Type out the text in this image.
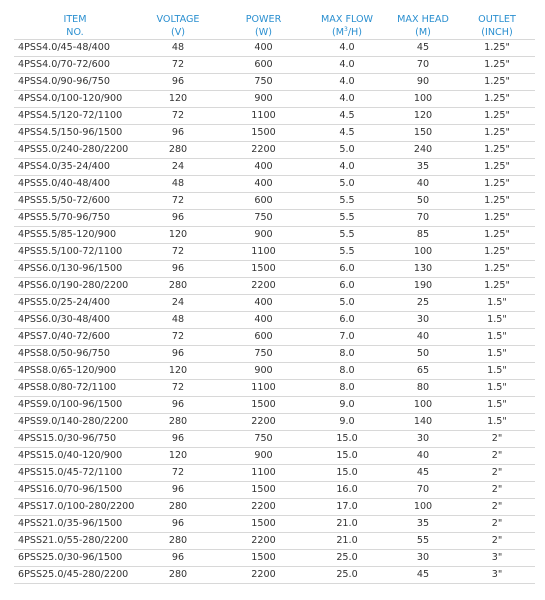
ITEM	VOLTAGE	POWER	MAX FLOW	MAX HEAD	OUTLET
NO.	(V)	(W)	$(M^3/H)$	(M)	(INCH)
4PSS4.0/45-48/400	48	400	4.0	45	1.25"
4PSS4.0/70-72/600	72	600	4.0	70	1.25"
4PSS4.0/90-96/750	96	750	4.0	90	1.25"
4PSS4.0/100-120/900	120	900	4.0	100	1.25"
4PSS4.5/120-72/1100	72	1100	4.5	120	1.25"
4PSS4.5/150-96/1500	96	1500	4.5	150	1.25"
4PSS5.0/240-280/2200	280	2200	5.0	240	1.25"
4PSS4.0/35-24/400	24	400	4.0	35	1.25"
4PSS5.0/40-48/400	48	400	5.0	40	1.25"
4PSS5.5/50-72/600	72	600	5.5	50	1.25"
4PSS5.5/70-96/750	96	750	5.5	70	1.25"
4PSS5.5/85-120/900	120	900	5.5	85	1.25"
4PSS5.5/100-72/1100	72	1100	5.5	100	1.25"
4PSS6.0/130-96/1500	96	1500	6.0	130	1.25"
4PSS6.0/190-280/2200	280	2200	6.0	190	1.25"
4PSS5.0/25-24/400	24	400	5.0	25	1.5"
4PSS6.0/30-48/400	48	400	6.0	30	1.5"
4PSS7.0/40-72/600	72	600	7.0	40	1.5"
4PSS8.0/50-96/750	96	750	8.0	50	1.5"
4PSS8.0/65-120/900	120	900	8.0	65	1.5"
4PSS8.0/80-72/1100	72	1100	8.0	80	1.5"
4PSS9.0/100-96/1500	96	1500	9.0	100	1.5"
4PSS9.0/140-280/2200	280	2200	9.0	140	1.5"
4PSS15.0/30-96/750	96	750	15.0	30	2"
4PSS15.0/40-120/900	120	900	15.0	40	2"
4PSS15.0/45-72/1100	72	1100	15.0	45	2"
4PSS16.0/70-96/1500	96	1500	16.0	70	2"
4PSS17.0/100-280/2200	280	2200	17.0	100	2"
4PSS21.0/35-96/1500	96	1500	21.0	35	2"
4PSS21.0/55-280/2200	280	2200	21.0	55	2"
6PSS25.0/30-96/1500	96	1500	25.0	30	3"
6PSS25.0/45-280/2200	280	2200	25.0	45	3"
